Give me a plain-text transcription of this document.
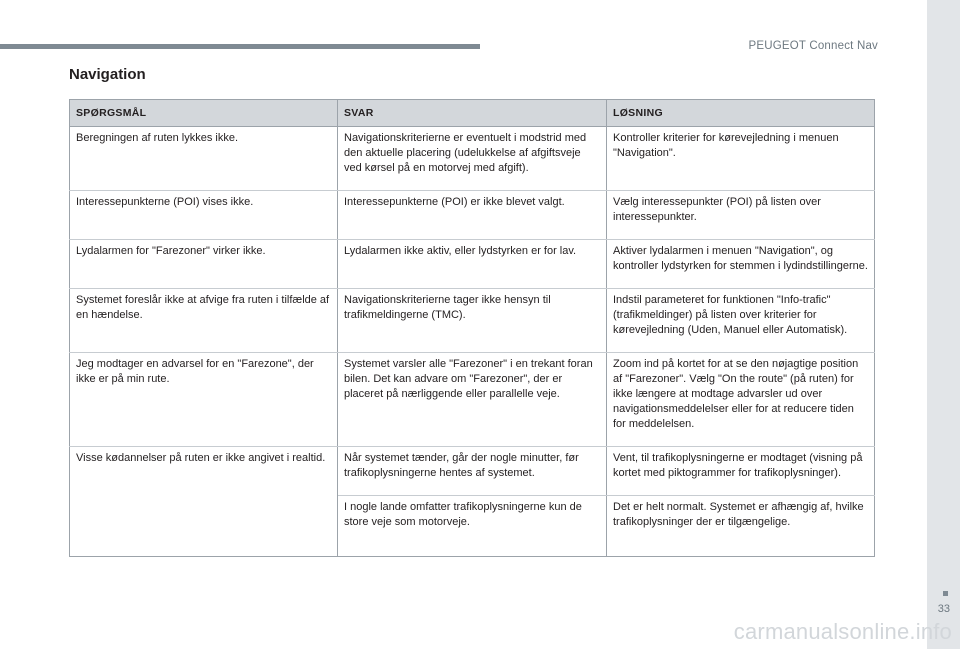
PEUGEOT Connect Nav
Navigation
SPØRGSMÅL	SVAR	LØSNING
Beregningen af ruten lykkes ikke.	Navigationskriterierne er eventuelt i modstrid med den aktuelle placering (udelukkelse af afgiftsveje ved kørsel på en motorvej med afgift).	Kontroller kriterier for kørevejledning i menuen "Navigation".
Interessepunkterne (POI) vises ikke.	Interessepunkterne (POI) er ikke blevet valgt.	Vælg interessepunkter (POI) på listen over interessepunkter.
Lydalarmen for "Farezoner" virker ikke.	Lydalarmen ikke aktiv, eller lydstyrken er for lav.	Aktiver lydalarmen i menuen "Navigation", og kontroller lydstyrken for stemmen i lydindstillingerne.
Systemet foreslår ikke at afvige fra ruten i tilfælde af en hændelse.	Navigationskriterierne tager ikke hensyn til trafikmeldingerne (TMC).	Indstil parameteret for funktionen "Info-trafic" (trafikmeldinger) på listen over kriterier for kørevejledning (Uden, Manuel eller Automatisk).
Jeg modtager en advarsel for en "Farezone", der ikke er på min rute.	Systemet varsler alle "Farezoner" i en trekant foran bilen. Det kan advare om "Farezoner", der er placeret på nærliggende eller parallelle veje.	Zoom ind på kortet for at se den nøjagtige position af "Farezoner". Vælg "On the route" (på ruten) for ikke længere at modtage advarsler ud over navigationsmeddelelser eller for at reducere tiden for meddelelsen.
Visse kødannelser på ruten er ikke angivet i realtid.	Når systemet tænder, går der nogle minutter, før trafikoplysningerne hentes af systemet.	Vent, til trafikoplysningerne er modtaget (visning på kortet med piktogrammer for trafikoplysninger).
	I nogle lande omfatter trafikoplysningerne kun de store veje som motorveje.	Det er helt normalt. Systemet er afhængig af, hvilke trafikoplysninger der er tilgængelige.
33
carmanualsonline.info
